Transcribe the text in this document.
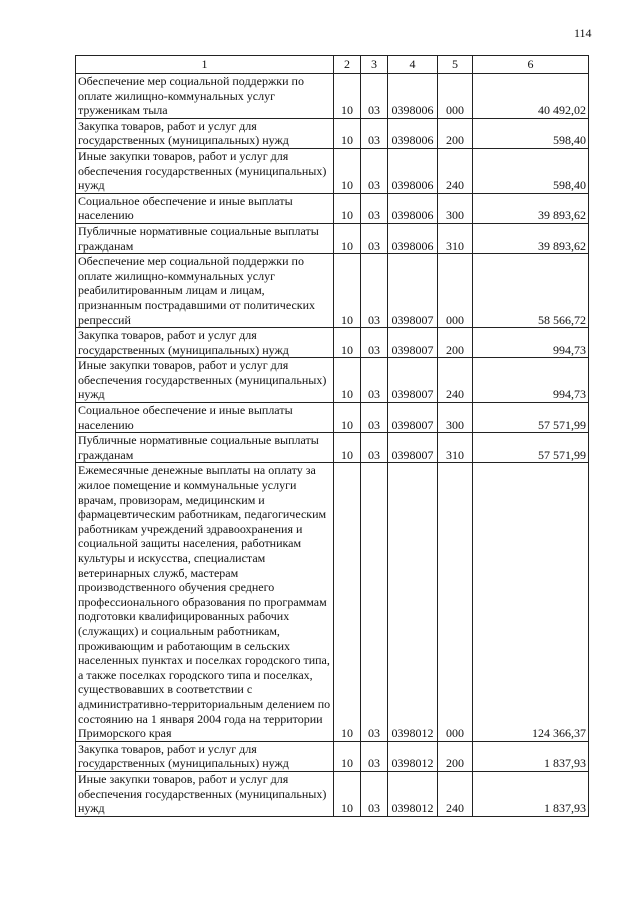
114
1	2	3	4	5	6
Обеспечение мер социальной поддержки по оплате жилищно-коммунальных услуг труженикам тыла	10	03	0398006	000	40 492,02
Закупка товаров, работ и услуг для государственных (муниципальных) нужд	10	03	0398006	200	598,40
Иные закупки товаров, работ и услуг для обеспечения государственных (муниципальных) нужд	10	03	0398006	240	598,40
Социальное обеспечение и иные выплаты населению	10	03	0398006	300	39 893,62
Публичные нормативные социальные выплаты гражданам	10	03	0398006	310	39 893,62
Обеспечение мер социальной поддержки по оплате жилищно-коммунальных услуг реабилитированным лицам и лицам, признанным пострадавшими от политических репрессий	10	03	0398007	000	58 566,72
Закупка товаров, работ и услуг для государственных (муниципальных) нужд	10	03	0398007	200	994,73
Иные закупки товаров, работ и услуг для обеспечения государственных (муниципальных) нужд	10	03	0398007	240	994,73
Социальное обеспечение и иные выплаты населению	10	03	0398007	300	57 571,99
Публичные нормативные социальные выплаты гражданам	10	03	0398007	310	57 571,99
Ежемесячные денежные выплаты на оплату за жилое помещение и коммунальные услуги врачам, провизорам, медицинским и фармацевтическим работникам, педагогическим работникам учреждений здравоохранения и социальной защиты населения, работникам культуры и искусства, специалистам ветеринарных служб, мастерам производственного обучения среднего профессионального образования по программам подготовки квалифицированных рабочих (служащих) и социальным работникам, проживающим и работающим в сельских населенных пунктах и поселках городского типа, а также поселках городского типа и поселках, существовавших в соответствии с административно-территориальным делением по состоянию на 1 января 2004 года на территории Приморского края	10	03	0398012	000	124 366,37
Закупка товаров, работ и услуг для государственных (муниципальных) нужд	10	03	0398012	200	1 837,93
Иные закупки товаров, работ и услуг для обеспечения государственных (муниципальных) нужд	10	03	0398012	240	1 837,93
